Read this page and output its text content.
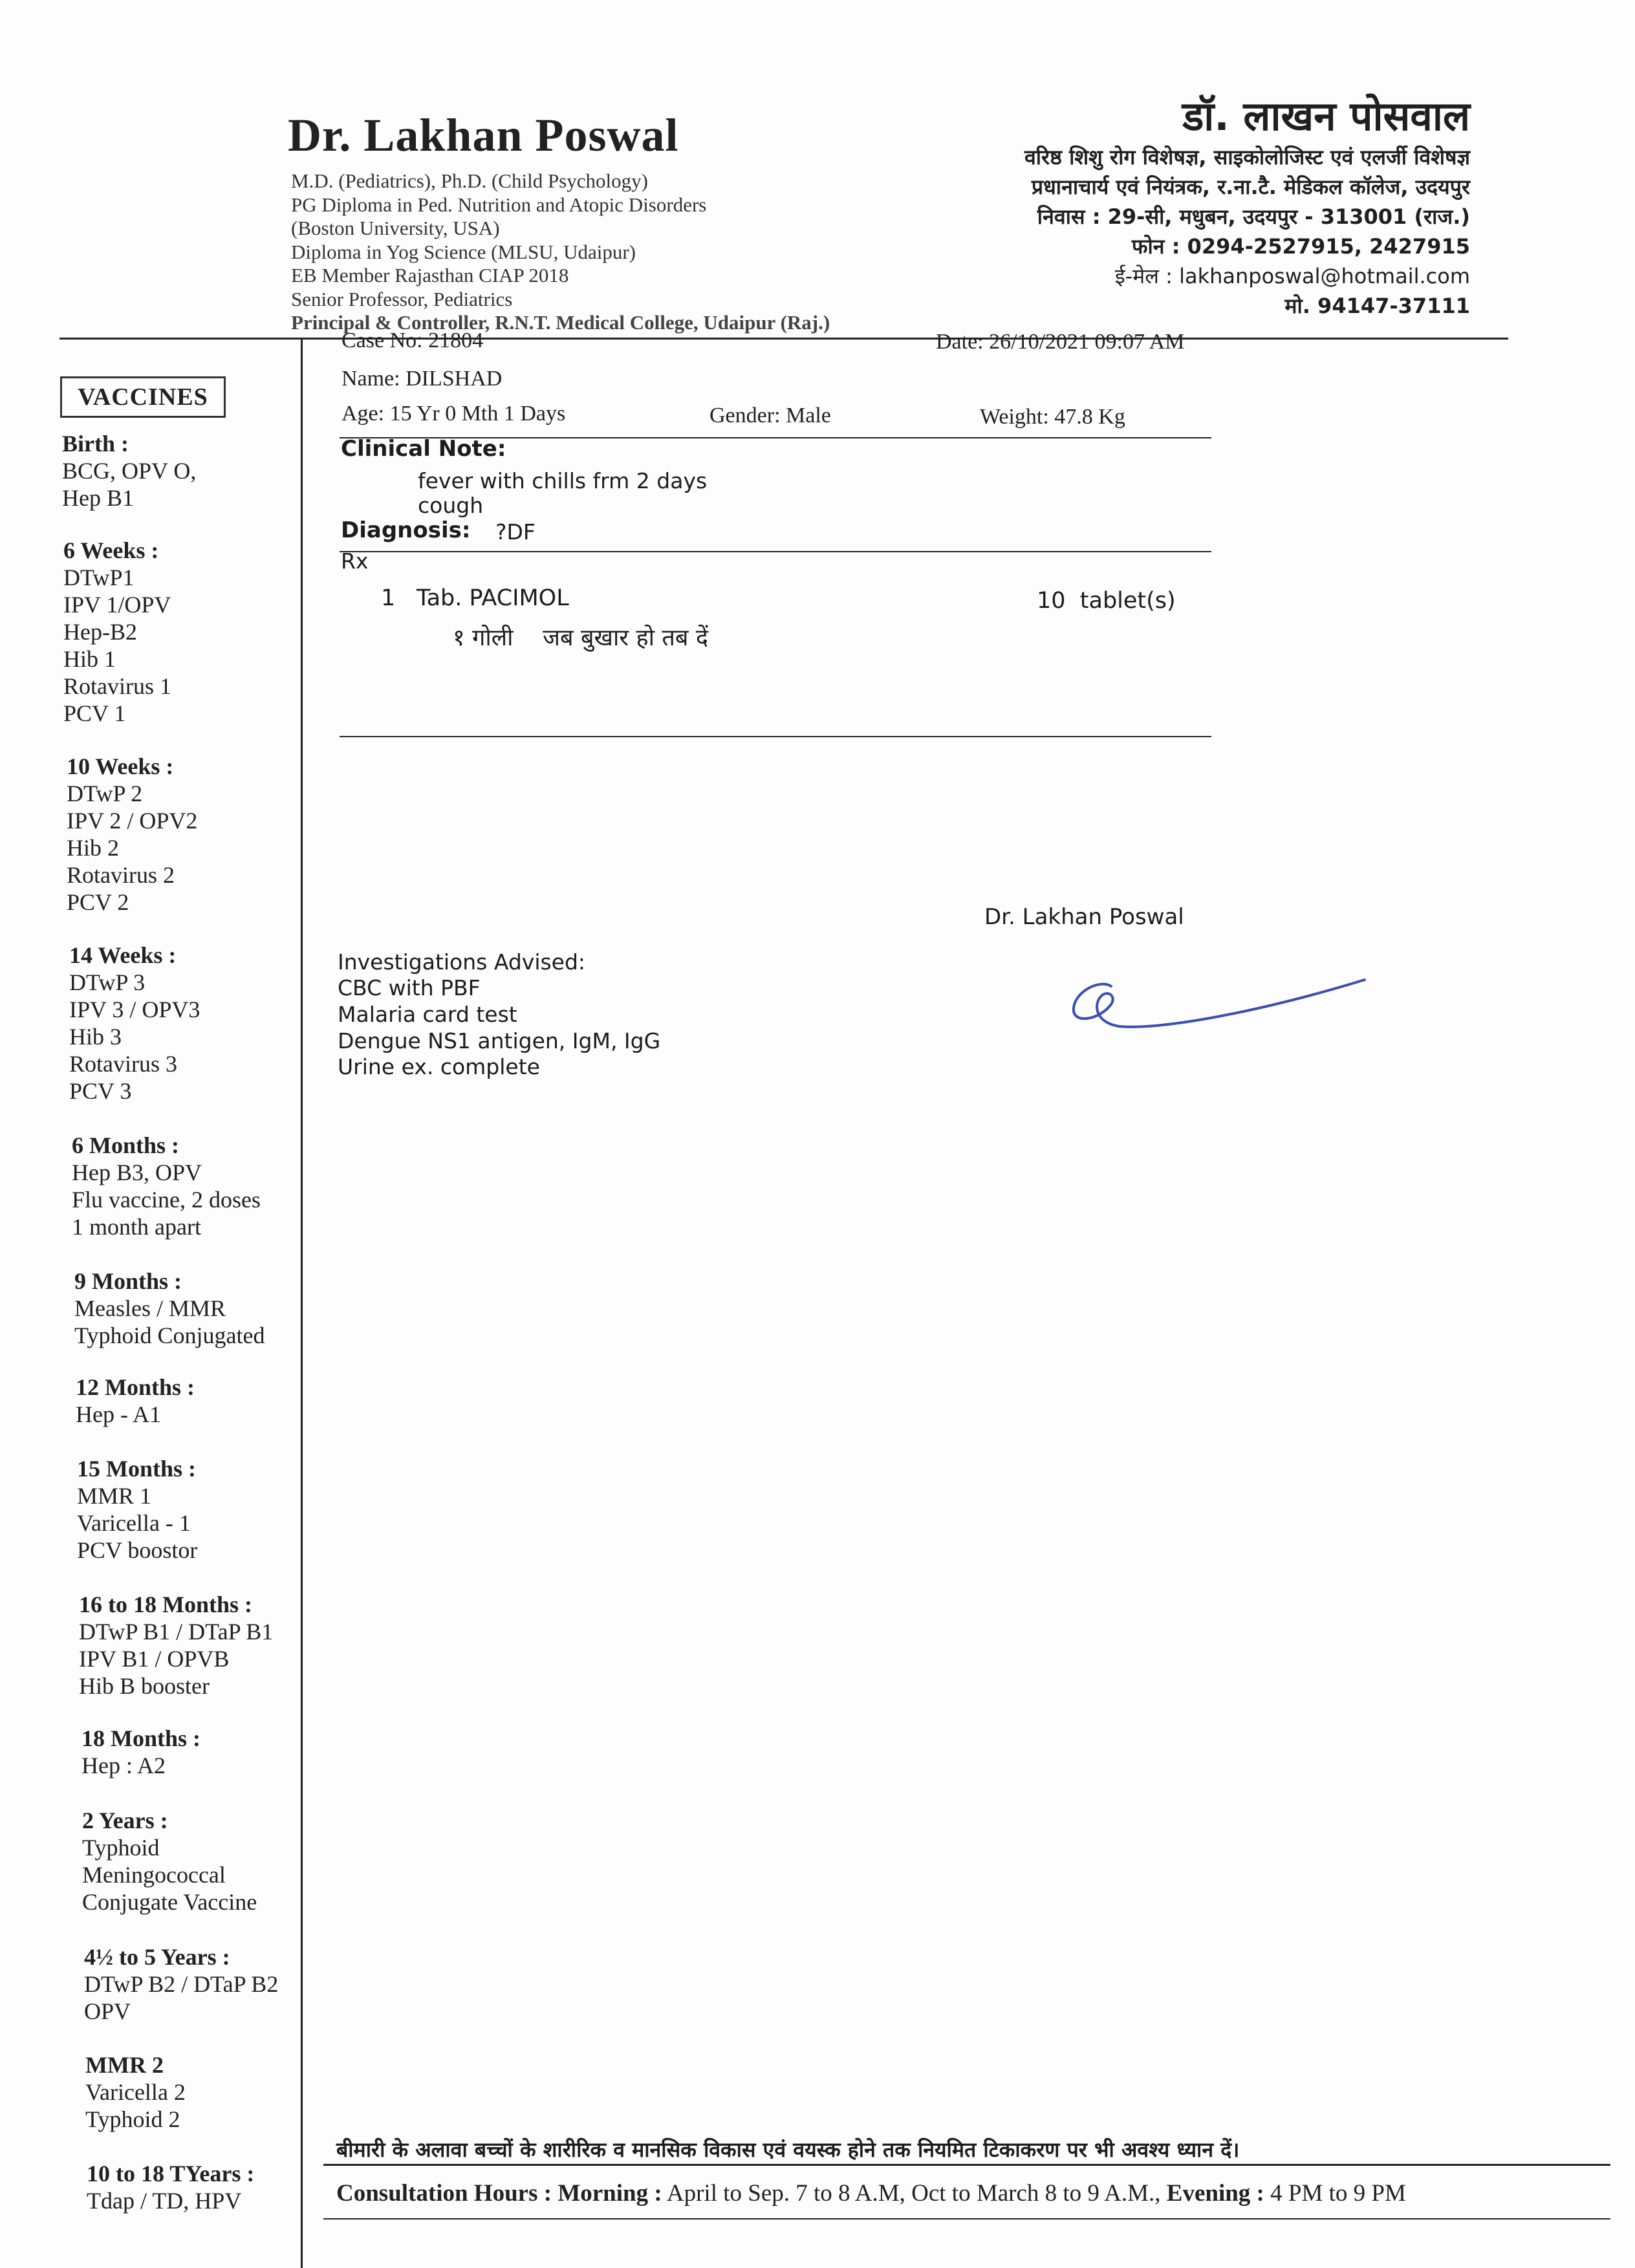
Dr. Lakhan Poswal
M.D. (Pediatrics), Ph.D. (Child Psychology)
PG Diploma in Ped. Nutrition and Atopic Disorders
(Boston University, USA)
Diploma in Yog Science (MLSU, Udaipur)
EB Member Rajasthan CIAP 2018
Senior Professor, Pediatrics
Principal & Controller, R.N.T. Medical College, Udaipur (Raj.)
डॉ. लाखन पोसवाल
वरिष्ठ शिशु रोग विशेषज्ञ, साइकोलोजिस्ट एवं एलर्जी विशेषज्ञ
प्रधानाचार्य एवं नियंत्रक, र.ना.टै. मेडिकल कॉलेज, उदयपुर
निवास : 29-सी, मधुबन, उदयपुर - 313001 (राज.)
फोन : 0294-2527915, 2427915
ई-मेल : lakhanposwal@hotmail.com
मो. 94147-37111
VACCINES
Birth :
BCG, OPV O,
Hep B1
6 Weeks :
DTwP1
IPV 1/OPV
Hep-B2
Hib 1
Rotavirus 1
PCV 1
10 Weeks :
DTwP 2
IPV 2 / OPV2
Hib 2
Rotavirus 2
PCV 2
14 Weeks :
DTwP 3
IPV 3 / OPV3
Hib 3
Rotavirus 3
PCV 3
6 Months :
Hep B3, OPV
Flu vaccine, 2 doses
1 month apart
9 Months :
Measles / MMR
Typhoid Conjugated
12 Months :
Hep - A1
15 Months :
MMR 1
Varicella - 1
PCV boostor
16 to 18 Months :
DTwP B1 / DTaP B1
IPV B1 / OPVB
Hib B booster
18 Months :
Hep : A2
2 Years :
Typhoid
Meningococcal
Conjugate Vaccine
4½ to 5 Years :
DTwP B2 / DTaP B2
OPV
MMR 2
Varicella 2
Typhoid 2
10 to 18 TYears :
Tdap / TD, HPV
Case No: 21804	Date: 26/10/2021 09:07 AM
Name: DILSHAD
Age: 15 Yr 0 Mth 1 Days	Gender: Male	Weight: 47.8 Kg
Clinical Note:
fever with chills frm 2 days
cough
Diagnosis: ?DF
Rx
1 Tab. PACIMOL	10  tablet(s)
१ गोली    जब बुखार हो तब दें
Dr. Lakhan Poswal
Investigations Advised:
CBC with PBF
Malaria card test
Dengue NS1 antigen, IgM, IgG
Urine ex. complete
बीमारी के अलावा बच्चों के शारीरिक व मानसिक विकास एवं वयस्क होने तक नियमित टिकाकरण पर भी अवश्य ध्यान दें।
Consultation Hours : Morning : April to Sep. 7 to 8 A.M, Oct to March 8 to 9 A.M., Evening : 4 PM to 9 PM
